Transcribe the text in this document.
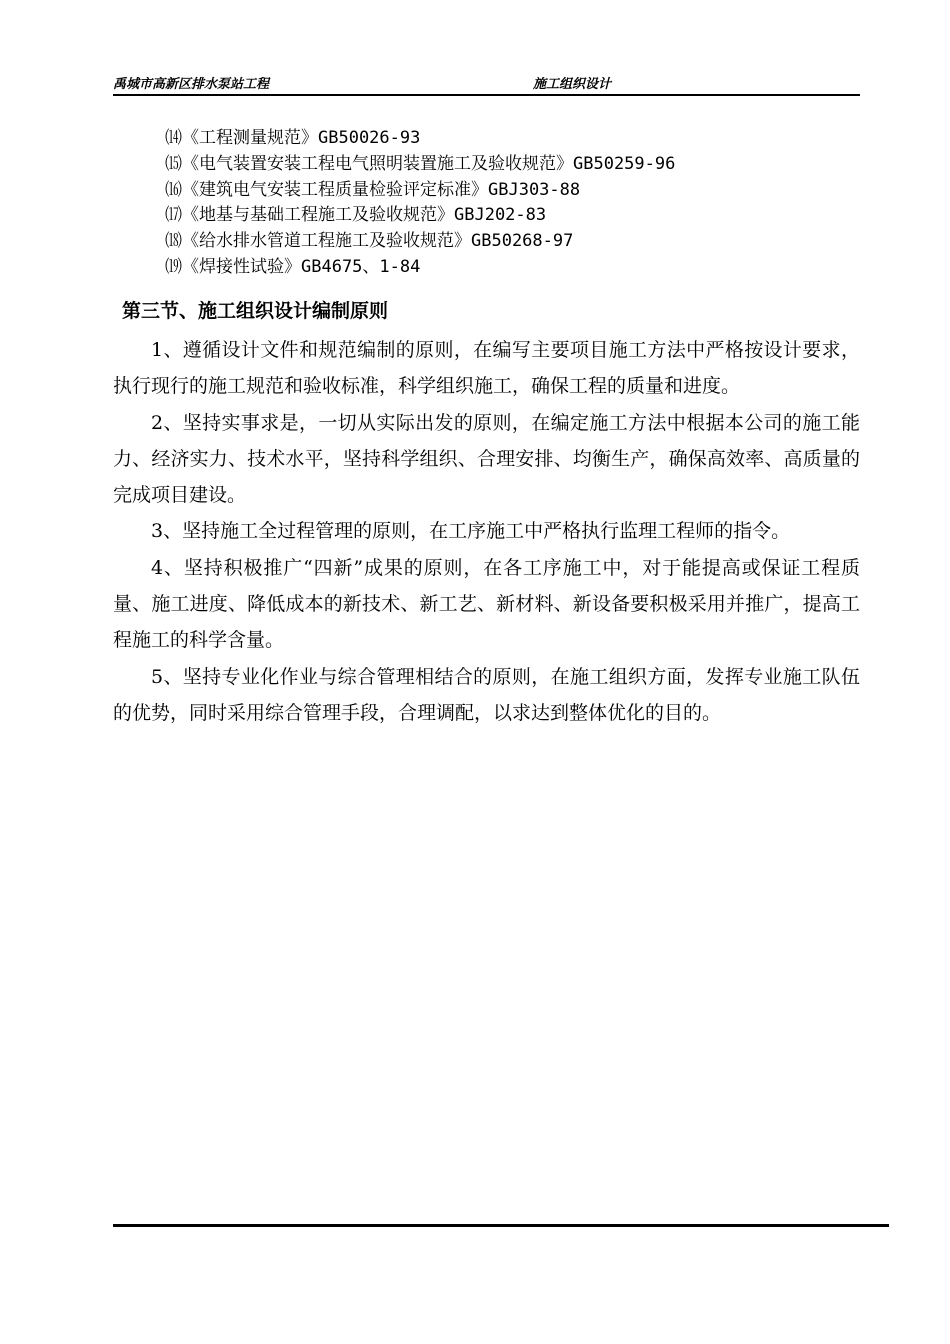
禹城市高新区排水泵站工程	施工组织设计
⒁《工程测量规范》GB50026-93
⒂《电气装置安装工程电气照明装置施工及验收规范》GB50259-96
⒃《建筑电气安装工程质量检验评定标准》GBJ303-88
⒄《地基与基础工程施工及验收规范》GBJ202-83
⒅《给水排水管道工程施工及验收规范》GB50268-97
⒆《焊接性试验》GB4675、1-84
第三节、施工组织设计编制原则

1、遵循设计文件和规范编制的原则，在编写主要项目施工方法中严格按设计要求，执行现行的施工规范和验收标准，科学组织施工，确保工程的质量和进度。

2、坚持实事求是，一切从实际出发的原则，在编定施工方法中根据本公司的施工能力、经济实力、技术水平，坚持科学组织、合理安排、均衡生产，确保高效率、高质量的完成项目建设。

3、坚持施工全过程管理的原则，在工序施工中严格执行监理工程师的指令。

4、坚持积极推广“四新”成果的原则，在各工序施工中，对于能提高或保证工程质量、施工进度、降低成本的新技术、新工艺、新材料、新设备要积极采用并推广，提高工程施工的科学含量。

5、坚持专业化作业与综合管理相结合的原则，在施工组织方面，发挥专业施工队伍的优势，同时采用综合管理手段，合理调配，以求达到整体优化的目的。
